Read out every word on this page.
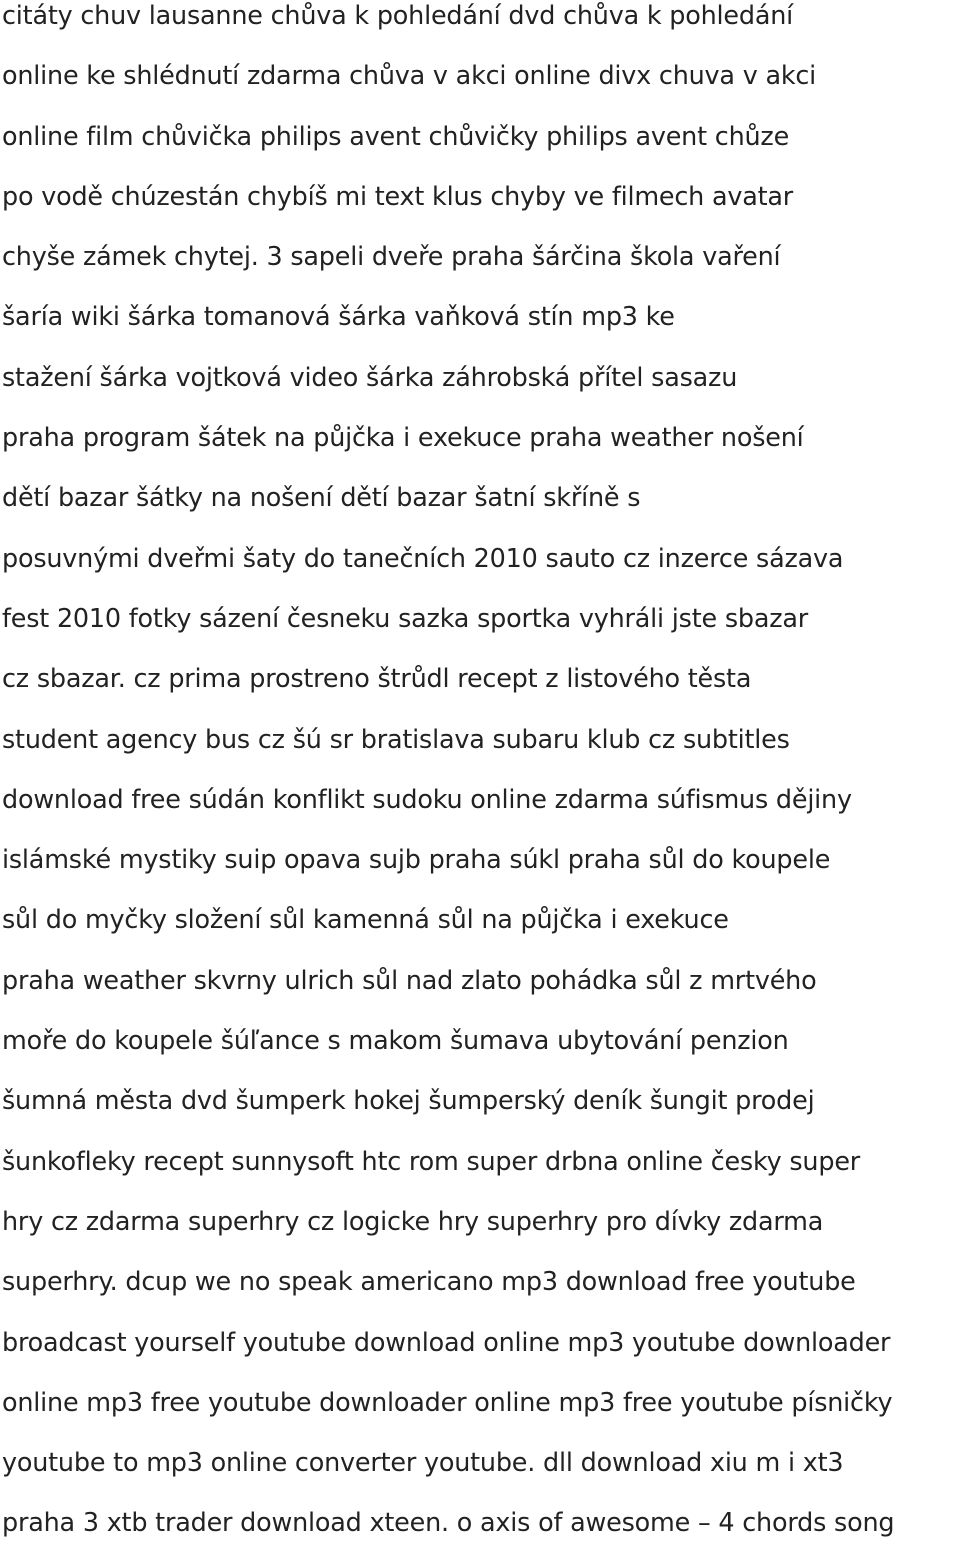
citáty chuv lausanne chůva k pohledání dvd chůva k pohledání
online ke shlédnutí zdarma chůva v akci online divx chuva v akci
online film chůvička philips avent chůvičky philips avent chůze
po vodě chúzestán chybíš mi text klus chyby ve filmech avatar
chyše zámek chytej. 3 sapeli dveře praha šárčina škola vaření
šaría wiki šárka tomanová šárka vaňková stín mp3 ke
stažení šárka vojtková video šárka záhrobská přítel sasazu
praha program šátek na půjčka i exekuce praha weather nošení
dětí bazar šátky na nošení dětí bazar šatní skříně s
posuvnými dveřmi šaty do tanečních 2010 sauto cz inzerce sázava
fest 2010 fotky sázení česneku sazka sportka vyhráli jste sbazar
cz sbazar. cz prima prostreno štrůdl recept z listového těsta
student agency bus cz šú sr bratislava subaru klub cz subtitles
download free súdán konflikt sudoku online zdarma súfismus dějiny
islámské mystiky suip opava sujb praha súkl praha sůl do koupele
sůl do myčky složení sůl kamenná sůl na půjčka i exekuce
praha weather skvrny ulrich sůl nad zlato pohádka sůl z mrtvého
moře do koupele šúľance s makom šumava ubytování penzion
šumná města dvd šumperk hokej šumperský deník šungit prodej
šunkofleky recept sunnysoft htc rom super drbna online česky super
hry cz zdarma superhry cz logicke hry superhry pro dívky zdarma
superhry. dcup we no speak americano mp3 download free youtube
broadcast yourself youtube download online mp3 youtube downloader
online mp3 free youtube downloader online mp3 free youtube písničky
youtube to mp3 online converter youtube. dll download xiu m i xt3
praha 3 xtb trader download xteen. o axis of awesome – 4 chords song
